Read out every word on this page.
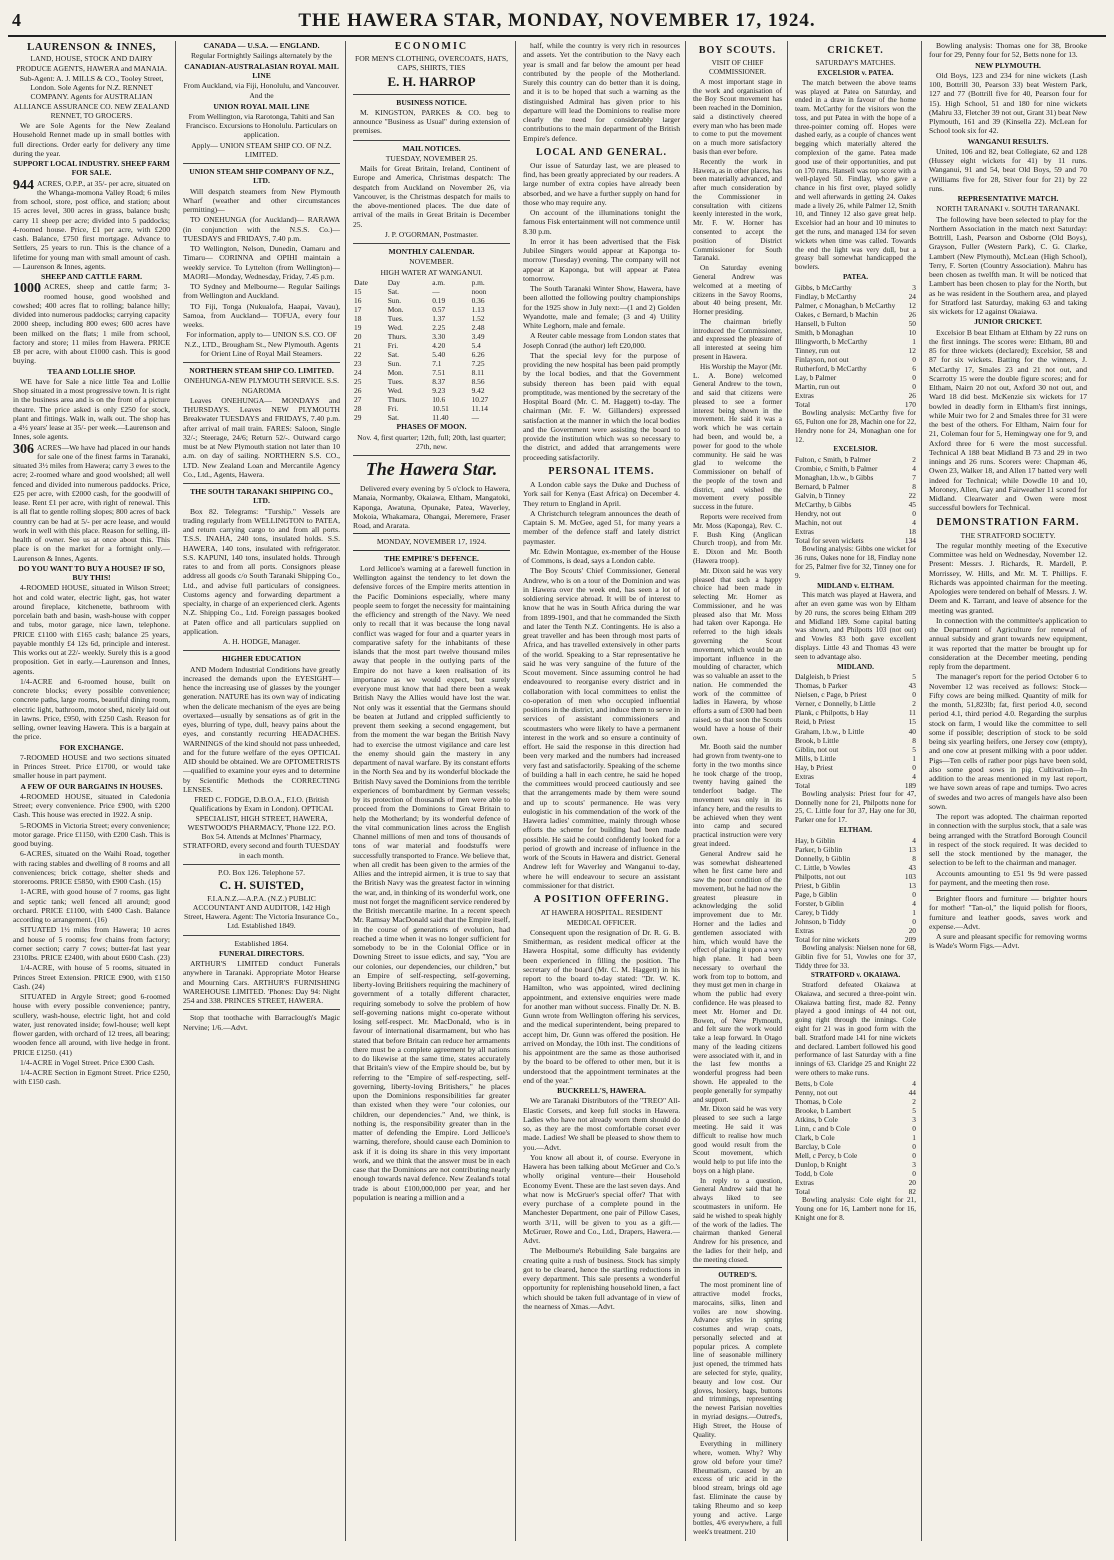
4	THE HAWERA STAR, MONDAY, NOVEMBER 17, 1924.
LAURENSON & INNES,

LAND, HOUSE, STOCK AND DAIRY PRODUCE AGENTS, HAWERA and MANAIA.

Sub-Agent: A. J. MILLS & CO., Tooley Street, London. Sole Agents for N.Z. RENNET COMPANY. Agents for AUSTRALIAN ALLIANCE ASSURANCE CO. NEW ZEALAND RENNET, TO GROCERS.

We are Sole Agents for the New Zealand Household Rennet made up in small bottles with full directions. Order early for delivery any time during the year.

SUPPORT LOCAL INDUSTRY. SHEEP FARM FOR SALE.

944 ACRES, O.P.P., at 35/- per acre, situated on the Whanga-momona Valley Road; 6 miles from school, store, post office, and station; about 15 acres level, 300 acres in grass, balance bush; carry 11 sheep per acre; divided into 5 paddocks; 4-roomed house. Price, £1 per acre, with £200 cash. Balance, £750 first mortgage. Advance to Settlers, 25 years to run. This is the chance of a lifetime for young man with small amount of cash.— Laurenson & Innes, agents.

SHEEP AND CATTLE FARM.

1000 ACRES, sheep and cattle farm; 3-roomed house, good woolshed and cowshed; 400 acres flat to rolling; balance hilly; divided into numerous paddocks; carrying capacity 2000 sheep, including 800 ewes; 600 acres have been milked on the flats; 1 mile from school, factory and store; 11 miles from Hawera. PRICE £8 per acre, with about £1000 cash. This is good buying.

TEA AND LOLLIE SHOP.

WE have for Sale a nice little Tea and Lollie Shop situated in a most progressive town. It is right in the business area and is on the front of a picture theatre. The price asked is only £250 for stock, plant and fittings. Walk in, walk out. The shop has a 4½ years' lease at 35/- per week.—Laurenson and Innes, sole agents.

306 ACRES—We have had placed in our hands for sale one of the finest farms in Taranaki, situated 3½ miles from Hawera; carry 3 ewes to the acre; 2-roomed whare and good woolshed; all well fenced and divided into numerous paddocks. Price, £25 per acre, with £2000 cash, for the goodwill of lease. Rent £1 per acre, with right of renewal. This is all flat to gentle rolling slopes; 800 acres of back country can be had at 5/- per acre lease, and would work in well with this place. Reason for selling, ill-health of owner. See us at once about this. This place is on the market for a fortnight only.— Laurenson & Innes, Agents.

DO YOU WANT TO BUY A HOUSE? IF SO, BUY THIS!

4-ROOMED HOUSE, situated in Wilson Street; hot and cold water, electric light, gas, hot water around fireplace, kitchenette, bathroom with porcelain bath and basin, wash-house with copper and tubs, motor garage, nice lawn, telephone. PRICE £1100 with £165 cash; balance 25 years, payable monthly £4 12s 6d, principle and interest. This works out at 22/- weekly. Surely this is a good proposition. Get in early.—Laurenson and Innes, agents.

1/4-ACRE and 6-roomed house, built on concrete blocks; every possible convenience; concrete paths, large rooms, beautiful dining room, electric light, bathroom, motor shed, nicely laid out in lawns. Price, £950, with £250 Cash. Reason for selling, owner leaving Hawera. This is a bargain at the price.

FOR EXCHANGE.

7-ROOMED HOUSE and two sections situated in Princes Street. Price £1700, or would take smaller house in part payment.

A FEW OF OUR BARGAINS IN HOUSES.

4-ROOMED HOUSE, situated in Caledonia Street; every convenience. Price £900, with £200 Cash. This house was erected in 1922. A snip.

5-ROOMS in Victoria Street; every convenience; motor garage. Price £1150, with £200 Cash. This is good buying.

6-ACRES, situated on the Waihi Road, together with racing stables and dwelling of 8 rooms and all conveniences; brick cottage, shelter sheds and storerooms. PRICE £5850, with £900 Cash. (15)

1-ACRE, with good house of 7 rooms, gas light and septic tank; well fenced all around; good orchard. PRICE £1100, with £400 Cash. Balance according to arrangement. (16)

SITUATED 1½ miles from Hawera; 10 acres and house of 5 rooms; few chains from factory; corner section; carry 7 cows; butter-fat last year 2310lbs. PRICE £2400, with about £600 Cash. (23)

1/4-ACRE, with house of 5 rooms, situated in Princes Street Extension. PRICE £900, with £150 Cash. (24)

SITUATED in Argyle Street; good 6-roomed house with every possible convenience; pantry, scullery, wash-house, electric light, hot and cold water, just renovated inside; fowl-house; well kept flower garden, with orchard of 12 trees, all bearing; wooden fence all around, with live hedge in front. PRICE £1250. (41)

1/4-ACRE in Vogel Street. Price £300 Cash.

1/4-ACRE Section in Egmont Street. Price £250, with £150 cash.

CANADA — U.S.A. — ENGLAND.

Regular Fortnightly Sailings alternately by the

CANADIAN-AUSTRALASIAN ROYAL MAIL LINE

From Auckland, via Fiji, Honolulu, and Vancouver.

And the

UNION ROYAL MAIL LINE

From Wellington, via Rarotonga, Tahiti and San Francisco. Excursions to Honolulu. Particulars on application.

Apply— UNION STEAM SHIP CO. OF N.Z. LIMITED.

UNION STEAM SHIP COMPANY OF N.Z., LTD.

Will despatch steamers from New Plymouth Wharf (weather and other circumstances permitting)—

TO ONEHUNGA (for Auckland)— RARAWA (in conjunction with the N.S.S. Co.)— TUESDAYS and FRIDAYS, 7.40 p.m.

TO Wellington, Nelson, Dunedin, Oamaru and Timaru— CORINNA and OPIHI maintain a weekly service. To Lyttelton (from Wellington)— MAORI—Monday, Wednesday, Friday, 7.45 p.m.

TO Sydney and Melbourne— Regular Sailings from Wellington and Auckland.

TO Fiji, Tonga (Nukualofa, Haapai, Vavau), Samoa, from Auckland— TOFUA, every four weeks.

For information, apply to— UNION S.S. CO. OF N.Z., LTD., Brougham St., New Plymouth. Agents for Orient Line of Royal Mail Steamers.

NORTHERN STEAM SHIP CO. LIMITED.

ONEHUNGA-NEW PLYMOUTH SERVICE. S.S. NGAROMA

Leaves ONEHUNGA— MONDAYS and THURSDAYS. Leaves NEW PLYMOUTH Breakwater TUESDAYS and FRIDAYS, 7.40 p.m. after arrival of mail train. FARES: Saloon, Single 32/-; Steerage, 24/6; Return 52/-. Outward cargo must be at New Plymouth station not later than 10 a.m. on day of sailing. NORTHERN S.S. CO., LTD. New Zealand Loan and Mercantile Agency Co., Ltd., Agents, Hawera.

THE SOUTH TARANAKI SHIPPING CO., LTD.

Box 82. Telegrams: "Turship." Vessels are trading regularly from WELLINGTON to PATEA, and return carrying cargo to and from all ports. T.S.S. INAHA, 240 tons, insulated holds. S.S. HAWERA, 140 tons, insulated with refrigerator. S.S. KAPUNI, 140 tons, insulated holds. Through rates to and from all ports. Consignors please address all goods c/o South Taranaki Shipping Co., Ltd., and advise full particulars of consignees. Customs agency and forwarding department a specialty, in charge of an experienced clerk. Agents N.Z. Shipping Co., Ltd. Foreign passages booked at Paten office and all particulars supplied on application.

A. H. HODGE, Manager.

HIGHER EDUCATION

AND Modern Industrial Conditions have greatly increased the demands upon the EYESIGHT—hence the increasing use of glasses by the younger generation. NATURE has its own way of indicating when the delicate mechanism of the eyes are being overtaxed—usually by sensations as of grit in the eyes, blurring of type, dull, heavy pains about the eyes, and constantly recurring HEADACHES. WARNINGS of the kind should not pass unheeded, and for the future welfare of the eyes OPTICAL AID should be obtained. We are OPTOMETRISTS —qualified to examine your eyes and to determine by Scientific Methods the CORRECTING LENSES.

FRED C. FODGE, D.B.O.A., F.I.O. (British Qualifications by Exam in London). OPTICAL SPECIALIST, HIGH STREET, HAWERA, WESTWOOD'S PHARMACY, 'Phone 122. P.O. Box 54. Attends at McInnes' Pharmacy, STRATFORD, every second and fourth TUESDAY in each month.

P.O. Box 126. Telephone 57.

C. H. SUISTED,

F.I.A.N.Z.—A.P.A. (N.Z.) PUBLIC ACCOUNTANT AND AUDITOR, 142 High Street, Hawera. Agent: The Victoria Insurance Co., Ltd. Established 1849.

Established 1864.

FUNERAL DIRECTORS.

ARTHUR'S LIMITED conduct Funerals anywhere in Taranaki. Appropriate Motor Hearse and Mourning Cars. ARTHUR'S FURNISHING WAREHOUSE LIMITED. 'Phones: Day 94: Night 254 and 338. PRINCES STREET, HAWERA.

Stop that toothache with Barraclough's Magic Nervine; 1/6.—Advt.

ECONOMIC

FOR MEN'S CLOTHING, OVERCOATS, HATS, CAPS, SHIRTS, TIES

E. H. HARROP

BUSINESS NOTICE.

M. KINGSTON, PARKES & CO. beg to announce "Business as Usual" during extension of premises.

MAIL NOTICES.

TUESDAY, NOVEMBER 25.

Mails for Great Britain, Ireland, Continent of Europe and America, Christmas despatch: The despatch from Auckland on November 26, via Vancouver, is the Christmas despatch for mails to the above-mentioned places. The due date of arrival of the mails in Great Britain is December 25.

J. P. O'GORMAN, Postmaster.

MONTHLY CALENDAR.

NOVEMBER.

HIGH WATER AT WANGANUI.

Date	Day	a.m.	p.m.
15	Sat.	—	noon
16	Sun.	0.19	0.36
17	Mon.	0.57	1.13
18	Tues.	1.37	1.52
19	Wed.	2.25	2.48
20	Thurs.	3.30	3.49
21	Fri.	4.20	5.4
22	Sat.	5.40	6.26
23	Sun.	7.1	7.25
24	Mon.	7.51	8.11
25	Tues.	8.37	8.56
26	Wed.	9.23	9.42
27	Thurs.	10.6	10.27
28	Fri.	10.51	11.14
29	Sat.	11.40	—

PHASES OF MOON.

Nov. 4, first quarter; 12th, full; 20th, last quarter; 27th, new.

The Hawera Star.

Delivered every evening by 5 o'clock to Hawera, Manaia, Normanby, Okaiawa, Eltham, Mangatoki, Kaponga, Awatuna, Opunake, Patea, Waverley, Mokoia, Whakamara, Ohangai, Meremere, Fraser Road, and Ararata.

MONDAY, NOVEMBER 17, 1924.

THE EMPIRE'S DEFENCE.

Lord Jellicoe's warning at a farewell function in Wellington against the tendency to let down the defensive forces of the Empire merits attention in the Pacific Dominions especially, where many people seem to forget the necessity for maintaining the efficiency and strength of the Navy. We need only to recall that it was because the long naval conflict was waged for four and a quarter years in comparative safety for the inhabitants of these islands that the most part twelve thousand miles away that people in the outlying parts of the Empire do not have a keen realisation of its importance as we would expect, but surely everyone must know that had there been a weak British Navy the Allies would have lost the war. Not only was it essential that the Germans should be beaten at Jutland and crippled sufficiently to prevent them seeking a second engagement, but from the moment the war began the British Navy had to exercise the utmost vigilance and care lest the enemy should gain the mastery in any department of naval warfare. By its constant efforts in the North Sea and by its wonderful blockade the British Navy saved the Dominions from the terrible experiences of bombardment by German vessels; by its protection of thousands of men were able to proceed from the Dominions to Great Britain to help the Motherland; by its wonderful defence of the vital communication lines across the English Channel millions of men and tons of thousands of tons of war material and foodstuffs were successfully transported to France. We believe that, when all credit has been given to the armies of the Allies and the intrepid airmen, it is true to say that the British Navy was the greatest factor in winning the war, and, in thinking of its wonderful work, one must not forget the magnificent service rendered by the British mercantile marine. In a recent speech Mr. Ramsay MacDonald said that the Empire itself, in the course of generations of evolution, had reached a time when it was no longer sufficient for somebody to be in the Colonial Office or in Downing Street to issue edicts, and say, "You are our colonies, our dependencies, our children," but an Empire of self-respecting, self-governing, liberty-loving Britishers requiring the machinery of government of a totally different character, requiring somebody to solve the problem of how self-governing nations might co-operate without losing self-respect. Mr. MacDonald, who is in favour of international disarmament, but who has stated that before Britain can reduce her armaments there must be a complete agreement by all nations to do likewise at the same time, states accurately that Britain's view of the Empire should be, but by referring to the "Empire of self-respecting, self-governing, liberty-loving Britishers," he places upon the Dominions responsibilities far greater than existed when they were "our colonies, our children, our dependencies." And, we think, is nothing is, the responsibility greater than in the matter of defending the Empire. Lord Jellicoe's warning, therefore, should cause each Dominion to ask if it is doing its share in this very important work, and we think that the answer must be in each case that the Dominions are not contributing nearly enough towards naval defence. New Zealand's total trade is about £100,000,000 per year, and her population is nearing a million and a

half, while the country is very rich in resources and assets. Yet the contribution to the Navy each year is small and far below the amount per head contributed by the people of the Motherland. Surely this country can do better than it is doing, and it is to be hoped that such a warning as the distinguished Admiral has given prior to his departure will lead the Dominions to realise more clearly the need for considerably larger contributions to the main department of the British Empire's defence.

LOCAL AND GENERAL.

Our issue of Saturday last, we are pleased to find, has been greatly appreciated by our readers. A large number of extra copies have already been absorbed, and we have a further supply on hand for those who may require any.

On account of the illuminations tonight the famous Fisk entertainment will not commence until 8.30 p.m.

In error it has been advertised that the Fisk Jubilee Singers would appear at Kaponga to-morrow (Tuesday) evening. The company will not appear at Kaponga, but will appear at Patea tomorrow.

The South Taranaki Winter Show, Hawera, have been allotted the following poultry championships for the 1925 show in July next:—(1 and 2) Golden Wyandotte, male and female; (3 and 4) Utility White Leghorn, male and female.

A Reuter cable message from London states that Joseph Conrad (the author) left £20,000.

That the special levy for the purpose of providing the new hospital has been paid promptly by the local bodies, and that the Government subsidy thereon has been paid with equal promptitude, was mentioned by the secretary of the Hospital Board (Mr. C. M. Haggett) to-day. The chairman (Mr. F. W. Gillanders) expressed satisfaction at the manner in which the local bodies and the Government were assisting the board to provide the institution which was so necessary to the district, and added that arrangements were proceeding satisfactorily.

PERSONAL ITEMS.

A London cable says the Duke and Duchess of York sail for Kenya (East Africa) on December 4. They return to England in April.

A Christchurch telegram announces the death of Captain S. M. McGee, aged 51, for many years a member of the defence staff and lately district paymaster.

Mr. Edwin Montague, ex-member of the House of Commons, is dead, says a London cable.

The Boy Scouts' Chief Commissioner, General Andrew, who is on a tour of the Dominion and was in Hawera over the week end, has seen a lot of soldiering service abroad. It will be of interest to know that he was in South Africa during the war from 1899-1901, and that he commanded the Sixth and later the Tenth N.Z. Contingents. He is also a great traveller and has been through most parts of Africa, and has travelled extensively in other parts of the world. Speaking to a Star representative he said he was very sanguine of the future of the Scout movement. Since assuming control he had endeavoured to reorganise every district and in collaboration with local committees to enlist the co-operation of men who occupied influential positions in the district, and induce them to serve in services of assistant commissioners and scoutmasters who were likely to have a permanent interest in the work and so ensure a continuity of effort. He said the response in this direction had been very marked and the numbers had increased very fast and satisfactorily. Speaking of the scheme of building a hall in each centre, he said he hoped the committees would proceed cautiously and see that the arrangements made by them were sound and up to scouts' permanence. He was very eulogistic in his commendation of the work of the Hawera ladies' committee, mainly through whose efforts the scheme for building had been made possible. He said he could confidently looked for a period of growth and increase of influence in the work of the Scouts in Hawera and district. General Andrew left for Waverley and Wanganui to-day, where he will endeavour to secure an assistant commissioner for that district.

A POSITION OFFERING.

AT HAWERA HOSPITAL. RESIDENT MEDICAL OFFICER.

Consequent upon the resignation of Dr. R. G. B. Smitherman, as resident medical officer at the Hawera Hospital, some difficulty has evidently been experienced in filling the position. The secretary of the board (Mr. C. M. Haggett) in his report to the board to-day stated: "Dr. W. K. Hamilton, who was appointed, wired declining appointment, and extensive enquiries were made for another man without success. Finally Dr. N. B. Gunn wrote from Wellington offering his services, and the medical superintendent, being prepared to accept him, Dr. Gunn was offered the position. He arrived on Monday, the 10th inst. The conditions of his appointment are the same as those authorised by the board to be offered to other men, but it is understood that the appointment terminates at the end of the year."

BUCKRELL'S, HAWERA.

We are Taranaki Distributors of the "TREO" All-Elastic Corsets, and keep full stocks in Hawera. Ladies who have not already worn them should do so, as they are the most comfortable corset ever made. Ladies! We shall be pleased to show them to you.—Advt.

You know all about it, of course. Everyone in Hawera has been talking about McGruer and Co.'s wholly original venture—their Household Economy Event. These are the last seven days. And what now is McGruer's special offer? That with every purchase of a complete pound in the Manchester Department, one pair of Pillow Cases, worth 3/11, will be given to you as a gift.—McGruer, Rowe and Co., Ltd., Drapers, Hawera.—Advt.

The Melbourne's Rebuilding Sale bargains are creating quite a rush of business. Stock has simply got to be cleared, hence the startling reductions in every department. This sale presents a wonderful opportunity for replenishing household linen, a fact which should be taken full advantage of in view of the nearness of Xmas.—Advt.

BOY SCOUTS.

VISIT OF CHIEF COMMISSIONER.

A most important stage in the work and organisation of the Boy Scout movement has been reached in the Dominion, said a distinctively cheered every man who has been made to come to put the movement on a much more satisfactory basis than ever before.

Recently the work in Hawera, as in other places, has been materially advanced, and after much consideration by the Commissioner in consultation with citizens keenly interested in the work, Mr. F. W. Horner has consented to accept the position of District Commissioner for South Taranaki.

On Saturday evening General Andrew was welcomed at a meeting of citizens in the Savoy Rooms, about 40 being present, Mr. Horner presiding.

The chairman briefly introduced the Commissioner, and expressed the pleasure of all interested at seeing him present in Hawera.

His Worship the Mayor (Mr. L. A. Bone) welcomed General Andrew to the town, and said that citizens were pleased to see a former interest being shown in the movement. He said it was a work which he was certain had been, and would be, a power for good to the whole community. He said he was glad to welcome the Commissioner on behalf of the people of the town and district, and wished the movement every possible success in the future.

Reports were received from Mr. Moss (Kaponga), Rev. C. F. Bush King (Anglican Church troop), and from Mr. E. Dixon and Mr. Booth (Hawera troop).

Mr. Dixon said he was very pleased that such a happy choice had been made in selecting Mr. Horner as Commissioner, and he was pleased also that Mr. Moss had taken over Kaponga. He referred to the high ideals governing the Scout movement, which would be an important influence in the moulding of character, which was so valuable an asset to the nation. He commended the work of the committee of ladies in Hawera, by whose efforts a sum of £300 had been raised, so that soon the Scouts would have a house of their own.

Mr. Booth said the number had grown from twenty-one to forty in the two months since he took charge of the troop, twenty having gained the tenderfoot badge. The movement was only in its infancy here, and the results to be achieved when they went into camp and secured practical instruction were very great indeed.

General Andrew said he was somewhat disheartened when he first came here and saw the poor condition of the movement, but he had now the greatest pleasure in acknowledging the solid improvement due to Mr. Horner and the ladies and gentlemen associated with him, which would have the effect of placing it upon a very high plane. It had been necessary to overhaul the work from top to bottom, and they must get men in charge in whom the public had every confidence. He was pleased to meet Mr. Horner and Dr. Bowen, of New Plymouth, and felt sure the work would take a leap forward. In Otago many of the leading citizens were associated with it, and in the last few months a wonderful progress had been shown. He appealed to the people generally for sympathy and support.

Mr. Dixon said he was very pleased to see such a large meeting. He said it was difficult to realise how much good would result from the Scout movement, which would help to put life into the boys on a high plane.

In reply to a question, General Andrew said that he always liked to see scoutmasters in uniform. He said he wished to speak highly of the work of the ladies. The chairman thanked General Andrew for his presence, and the ladies for their help, and the meeting closed.

OUTRED'S.

The most prominent line of attractive model frocks, marocains, silks, linen and voiles are now showing. Advance styles in spring costumes and wrap coats, personally selected and at popular prices. A complete line of seasonable millinery just opened, the trimmed hats are selected for style, quality, beauty and low cost. Our gloves, hosiery, bags, buttons and trimmings, representing the newest Parisian novelties in myriad designs.—Outred's, High Street, the House of Quality.

Everything in millinery where, women. Why? Why grow old before your time? Rheumatism, caused by an excess of uric acid in the blood stream, brings old age fast. Eliminate the cause by taking Rheumo and so keep young and active. Large bottles, 4/6 everywhere, a full week's treatment. 210

CRICKET.

SATURDAY'S MATCHES.

EXCELSIOR v. PATEA.

The match between the above teams was played at Patea on Saturday, and ended in a draw in favour of the home team. McCarthy for the visitors won the toss, and put Patea in with the hope of a three-pointer coming off. Hopes were dashed early, as a couple of chances went begging which materially altered the complexion of the game. Patea made good use of their opportunities, and put on 170 runs. Hansell was top score with a well-played 50. Findlay, who gave a chance in his first over, played solidly and well afterwards in getting 24. Oakes made a lively 26, while Palmer 12, Smith 10, and Tinney 12 also gave great help. Excelsior had an hour and 10 minutes to get the runs, and managed 134 for seven wickets when time was called. Towards the end the light was very dull, but a greasy ball somewhat handicapped the bowlers.

PATEA.

Gibbs, b McCarthy	3
Findlay, b McCarthy	24
Palmer, c Monaghan, b McCarthy	12
Oakes, c Bernard, b Machin	26
Hansell, b Fulton	50
Smith, b Monaghan	10
Illingworth, b McCarthy	1
Tinney, run out	12
Finlayson, not out	0
Rutherford, b McCarthy	6
Lay, b Palmer	0
Martin, run out	0
Extras	26
Total	170

Bowling analysis: McCarthy five for 65, Fulton one for 28, Machin one for 22, Hendry none for 24, Monaghan one for 12.

EXCELSIOR.

Fulton, c Smith, b Palmer	2
Crombie, c Smith, b Palmer	4
Monaghan, l.b.w., b Gibbs	7
Bernard, b Palmer	8
Galvin, b Tinney	22
McCarthy, b Gibbs	45
Hendry, not out	0
Machin, not out	4
Extras	18
Total for seven wickets	134

Bowling analysis: Gibbs one wicket for 36 runs, Oakes none for 18, Findlay none for 25, Palmer five for 32, Tinney one for 9.

MIDLAND v. ELTHAM.

This match was played at Hawera, and after an even game was won by Eltham by 20 runs, the scores being Eltham 209 and Midland 189. Some capital batting was shown, and Philpotts 103 (not out) and Vowles 83 both gave excellent displays. Little 43 and Thomas 43 were seen to advantage also.

MIDLAND.

Dalgleish, b Priest	5
Thomas, b Parker	43
Nielsen, c Page, b Priest	0
Verner, c Donnelly, b Little	2
Plank, c Philpotts, b Hay	11
Reid, b Priest	15
Graham, l.b.w., b Little	40
Brook, b Little	8
Giblin, not out	5
Mills, b Little	1
Hay, b Priest	0
Extras	4
Total	189

Bowling analysis: Priest four for 47, Donnelly none for 21, Philpotts none for 25, C. Little four for 37, Hay one for 30, Parker one for 17.

ELTHAM.

Hay, b Giblin	4
Parker, b Giblin	13
Donnelly, b Giblin	8
C. Little, b Vowles	43
Philpotts, not out	103
Priest, b Giblin	13
Page, b Giblin	0
Forster, b Giblin	4
Carey, b Tiddy	1
Johnson, b Tiddy	0
Extras	20
Total for nine wickets	209

Bowling analysis: Nielsen none for 68, Giblin five for 51, Vowles one for 37, Tiddy three for 33.

STRATFORD v. OKAIAWA.

Stratford defeated Okaiawa at Okaiawa, and secured a three-point win. Okaiawa batting first, made 82. Penny played a good innings of 44 not out, going right through the innings. Cole eight for 21 was in good form with the ball. Stratford made 141 for nine wickets and declared. Lambert followed his good performance of last Saturday with a fine innings of 63. Claridge 25 and Knight 22 were others to make runs.

Betts, b Cole	4
Penny, not out	44
Thomas, b Cole	2
Brooke, b Lambert	5
Atkins, b Cole	3
Linn, c and b Cole	0
Clark, b Cole	1
Barclay, b Cole	0
Mell, c Percy, b Cole	0
Dunlop, b Knight	3
Todd, b Cole	0
Extras	20
Total	82

Bowling analysis: Cole eight for 21, Young one for 16, Lambert none for 16, Knight one for 8.

Bowling analysis: Thomas one for 38, Brooke four for 29, Penny four for 52, Betts none for 13.

NEW PLYMOUTH.

Old Boys, 123 and 234 for nine wickets (Lash 100, Bottrill 30, Pearson 33) beat Western Park, 127 and 77 (Bottrill five for 40, Pearson four for 15). High School, 51 and 180 for nine wickets (Mahru 33, Fletcher 39 not out, Grant 31) beat New Plymouth, 161 and 39 (Kinsella 22). McLean for School took six for 42.

WANGANUI RESULTS.

United, 106 and 82, beat Collegiate, 62 and 128 (Hussey eight wickets for 41) by 11 runs. Wanganui, 91 and 54, beat Old Boys, 59 and 70 (Williams five for 28, Stiver four for 21) by 22 runs.

REPRESENTATIVE MATCH.

NORTH TARANAKI v. SOUTH TARANAKI.

The following have been selected to play for the Northern Association in the match next Saturday: Bottrill, Lash, Pearson and Osborne (Old Boys), Grayson, Fuller (Western Park), C. G. Clarke, Lambert (New Plymouth), McLean (High School), Terry, F. Sorten (Country Association). Mahru has been chosen as twelfth man. It will be noticed that Lambert has been chosen to play for the North, but as he was resident in the Southern area, and played for Stratford last Saturday, making 63 and taking six wickets for 12 against Okaiawa.

JUNIOR CRICKET.

Excelsior B beat Eltham at Eltham by 22 runs on the first innings. The scores were: Eltham, 80 and 85 for three wickets (declared); Excelsior, 58 and 87 for six wickets. Batting for the winners, J. McCarthy 17, Smales 23 and 21 not out, and Scarrotty 15 were the double figure scores; and for Eltham, Nairn 20 not out, Axford 30 not out, and Ward 18 did best. McKenzie six wickets for 17 bowled in deadly form in Eltham's first innings, while Muir two for 2 and Smales three for 31 were the best of the others. For Eltham, Nairn four for 21, Coleman four for 5, Hemingway one for 9, and Axford three for 6 were the most successful. Technical A 188 beat Midland B 73 and 29 in two innings and 26 runs. Scorers were: Chapman 46, Owen 23, Walker 18, and Allen 17 batted very well indeed for Technical; while Dowdle 10 and 10, Moroney, Allen, Gay and Fairweather 11 scored for Midland. Clearwater and Owen were most successful bowlers for Technical.

DEMONSTRATION FARM.

THE STRATFORD SOCIETY.

The regular monthly meeting of the Executive Committee was held on Wednesday, November 12. Present: Messrs. J. Richards, R. Mardell, P. Morrissey, W. Hills, and Mr. M. T. Phillips. F. Richards was appointed chairman for the meeting. Apologies were tendered on behalf of Messrs. J. W. Deem and K. Tarrant, and leave of absence for the meeting was granted.

In connection with the committee's application to the Department of Agriculture for renewal of annual subsidy and grant towards new equipment, it was reported that the matter be brought up for consideration at the December meeting, pending reply from the department.

The manager's report for the period October 6 to November 12 was received as follows: Stock—Fifty cows are being milked. Quantity of milk for the month, 51,823lb; fat, first period 4.0, second period 4.1, third period 4.0. Regarding the surplus stock on farm, I would like the committee to sell some if possible; description of stock to be sold being six yearling heifers, one Jersey cow (empty), and one cow at present milking with a poor udder. Pigs—Ten cells of rather poor pigs have been sold, also some good sows in pig. Cultivation—In addition to the areas mentioned in my last report, we have sown areas of rape and turnips. Two acres of swedes and two acres of mangels have also been sown.

The report was adopted. The chairman reported in connection with the surplus stock, that a sale was being arranged with the Stratford Borough Council in respect of the stock required. It was decided to sell the stock mentioned by the manager, the selection to be left to the chairman and manager.

Accounts amounting to £51 9s 9d were passed for payment, and the meeting then rose.

Brighter floors and furniture — brighter hours for mother! "Tan-ol," the liquid polish for floors, furniture and leather goods, saves work and expense.—Advt.

A sure and pleasant specific for removing worms is Wade's Worm Figs.—Advt.
